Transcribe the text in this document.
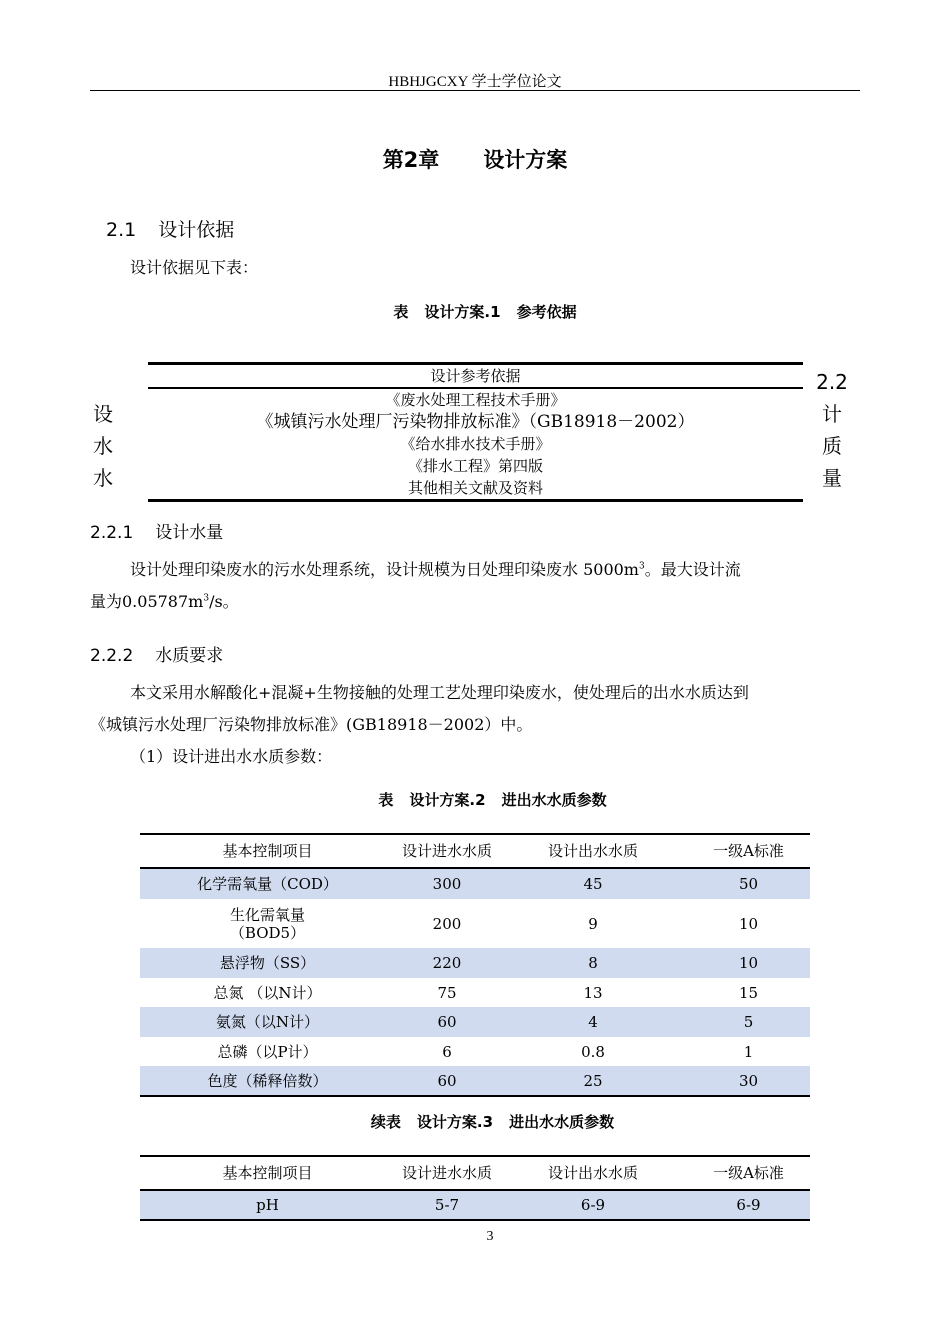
HBHJGCXY 学士学位论文
第2章 设计方案
2.1 设计依据
设计依据见下表：
表 设计方案.1 参考依据
设计参考依据
《废水处理工程技术手册》
《城镇污水处理厂污染物排放标准》（GB18918－2002）
《给水排水技术手册》
《排水工程》第四版
其他相关文献及资料
设
水
水
2.2
计
质
量
2.2.1 设计水量
设计处理印染废水的污水处理系统，设计规模为日处理印染废水 $5000m^3$。最大设计流
量为$0.05787m^3/s$。
2.2.2 水质要求
本文采用水解酸化+混凝+生物接触的处理工艺处理印染废水，使处理后的出水水质达到
《城镇污水处理厂污染物排放标准》(GB18918－2002）中。
（1）设计进出水水质参数：
表 设计方案.2 进出水水质参数
基本控制项目	设计进水水质	设计出水水质	一级A标准
化学需氧量（COD）	300	45	50
生化需氧量（BOD5）	200	9	10
悬浮物（SS）	220	8	10
总氮 （以N计）	75	13	15
氨氮（以N计）	60	4	5
总磷（以P计）	6	0.8	1
色度（稀释倍数）	60	25	30
续表 设计方案.3 进出水水质参数
基本控制项目	设计进水水质	设计出水水质	一级A标准
pH	5-7	6-9	6-9
3
